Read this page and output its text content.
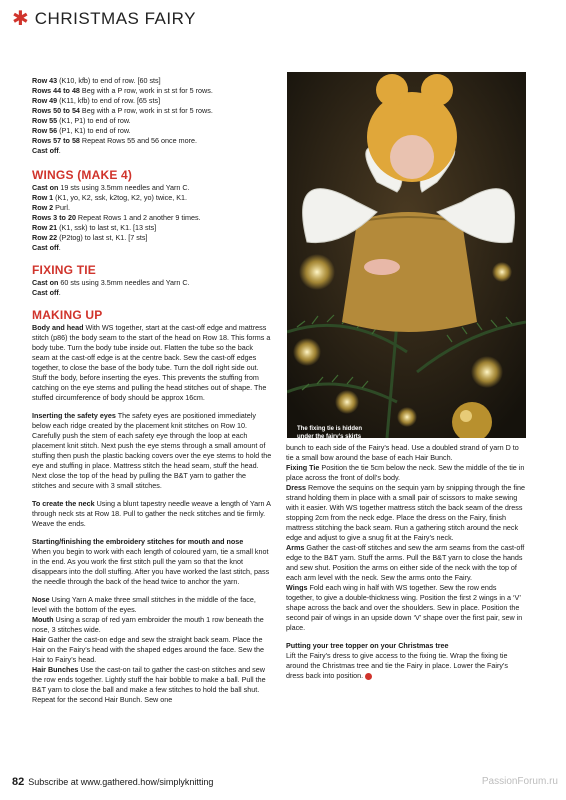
✱ CHRISTMAS FAIRY

Row 43 (K10, kfb) to end of row. [60 sts]

Rows 44 to 48 Beg with a P row, work in st st for 5 rows.

Row 49 (K11, kfb) to end of row. [65 sts]

Rows 50 to 54 Beg with a P row, work in st st for 5 rows.

Row 55 (K1, P1) to end of row.

Row 56 (P1, K1) to end of row.

Rows 57 to 58 Repeat Rows 55 and 56 once more.

Cast off.

WINGS (MAKE 4)

Cast on 19 sts using 3.5mm needles and Yarn C.

Row 1 (K1, yo, K2, ssk, k2tog, K2, yo) twice, K1.

Row 2 Purl.

Rows 3 to 20 Repeat Rows 1 and 2 another 9 times.

Row 21 (K1, ssk) to last st, K1. [13 sts]

Row 22 (P2tog) to last st, K1. [7 sts]

Cast off.

FIXING TIE

Cast on 60 sts using 3.5mm needles and Yarn C.

Cast off.

MAKING UP

Body and head With WS together, start at the cast-off edge and mattress stitch (p86) the body seam to the start of the head on Row 18. This forms a body tube. Turn the body tube inside out. Flatten the tube so the back seam at the cast-off edge is at the centre back. Sew the cast-off edges together, to close the base of the body tube. Turn the doll right side out. Stuff the body, before inserting the eyes. This prevents the stuffing from catching on the eye stems and pulling the head stitches out of shape. The stuffed circumference of body should be approx 16cm.

Inserting the safety eyes The safety eyes are positioned immediately below each ridge created by the placement knit stitches on Row 10. Carefully push the stem of each safety eye through the loop at each placement knit stitch. Next push the eye stems through a small amount of stuffing then push the plastic backing covers over the eye stems to hold the eye and stuffing in place. Mattress stitch the head seam, stuff the head. Next close the top of the head by pulling the B&T yarn to gather the stitches and secure with 3 small stitches.

To create the neck Using a blunt tapestry needle weave a length of Yarn A through neck sts at Row 18. Pull to gather the neck stitches and tie firmly. Weave the ends.

Starting/finishing the embroidery stitches for mouth and nose

When you begin to work with each length of coloured yarn, tie a small knot in the end. As you work the first stitch pull the yarn so that the knot disappears into the doll stuffing. After you have worked the last stitch, pass the needle through the back of the head twice to anchor the yarn.

Nose Using Yarn A make three small stitches in the middle of the face, level with the bottom of the eyes.

Mouth Using a scrap of red yarn embroider the mouth 1 row beneath the nose, 3 stitches wide.

Hair Gather the cast-on edge and sew the straight back seam. Place the Hair on the Fairy’s head with the shaped edges around the face. Sew the Hair to Fairy’s head.

Hair Bunches Use the cast-on tail to gather the cast-on stitches and sew the row ends together. Lightly stuff the hair bobble to make a ball. Pull the B&T yarn to close the ball and make a few stitches to hold the ball shut. Repeat for the second Hair Bunch. Sew one

The fixing tie is hidden under the fairy’s skirts

bunch to each side of the Fairy’s head. Use a doubled strand of yarn D to tie a small bow around the base of each Hair Bunch.

Fixing Tie Position the tie 5cm below the neck. Sew the middle of the tie in place across the front of doll’s body.

Dress Remove the sequins on the sequin yarn by snipping through the fine strand holding them in place with a small pair of scissors to make sewing with it easier. With WS together mattress stitch the back seam of the dress stopping 2cm from the neck edge. Place the dress on the Fairy, finish mattress stitching the back seam. Run a gathering stitch around the neck edge and adjust to give a snug fit at the Fairy’s neck.

Arms Gather the cast-off stitches and sew the arm seams from the cast-off edge to the B&T yarn. Stuff the arms. Pull the B&T yarn to close the hands and sew shut. Position the arms on either side of the neck with the top of each arm level with the neck. Sew the arms onto the Fairy.

Wings Fold each wing in half with WS together. Sew the row ends together, to give a double-thickness wing. Position the first 2 wings in a ‘V’ shape across the back and over the shoulders. Sew in place. Position the second pair of wings in an upside down ‘V’ shape over the first pair, sew in place.

Putting your tree topper on your Christmas tree

Lift the Fairy’s dress to give access to the fixing tie. Wrap the fixing tie around the Christmas tree and tie the Fairy in place. Lower the Fairy’s dress back into position.

82 Subscribe at www.gathered.how/simplyknitting	PassionForum.ru
